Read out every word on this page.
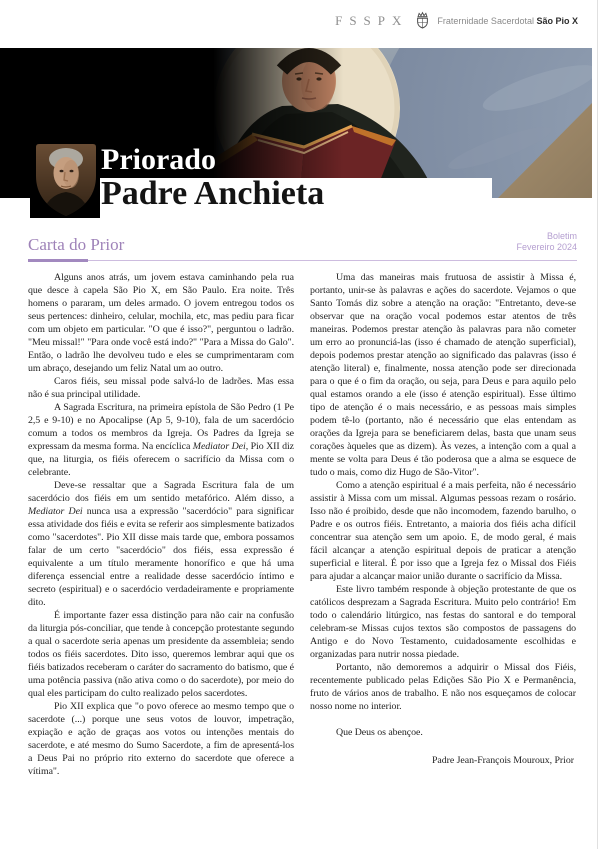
FSSPX	Fraternidade Sacerdotal São Pio X
Priorado
Padre Anchieta
Carta do Prior	Boletim
Fevereiro 2024

Alguns anos atrás, um jovem estava caminhando pela rua que desce à capela São Pio X, em São Paulo. Era noite. Três homens o pararam, um deles armado. O jovem entregou todos os seus pertences: dinheiro, celular, mochila, etc, mas pediu para ficar com um objeto em particular. "O que é isso?", perguntou o ladrão. "Meu missal!" "Para onde você está indo?" "Para a Missa do Galo". Então, o ladrão lhe devolveu tudo e eles se cumprimentaram com um abraço, desejando um feliz Natal um ao outro.

Caros fiéis, seu missal pode salvá-lo de ladrões. Mas essa não é sua principal utilidade.

A Sagrada Escritura, na primeira epístola de São Pedro (1 Pe 2,5 e 9-10) e no Apocalipse (Ap 5, 9-10), fala de um sacerdócio comum a todos os membros da Igreja. Os Padres da Igreja se expressam da mesma forma. Na encíclica Mediator Dei, Pio XII diz que, na liturgia, os fiéis oferecem o sacrifício da Missa com o celebrante.

Deve-se ressaltar que a Sagrada Escritura fala de um sacerdócio dos fiéis em um sentido metafórico. Além disso, a Mediator Dei nunca usa a expressão "sacerdócio" para significar essa atividade dos fiéis e evita se referir aos simplesmente batizados como "sacerdotes". Pio XII disse mais tarde que, embora possamos falar de um certo "sacerdócio" dos fiéis, essa expressão é equivalente a um título meramente honorífico e que há uma diferença essencial entre a realidade desse sacerdócio íntimo e secreto (espiritual) e o sacerdócio verdadeiramente e propriamente dito.

É importante fazer essa distinção para não cair na confusão da liturgia pós-conciliar, que tende à concepção protestante segundo a qual o sacerdote seria apenas um presidente da assembleia; sendo todos os fiéis sacerdotes. Dito isso, queremos lembrar aqui que os fiéis batizados receberam o caráter do sacramento do batismo, que é uma potência passiva (não ativa como o do sacerdote), por meio do qual eles participam do culto realizado pelos sacerdotes.

Pio XII explica que "o povo oferece ao mesmo tempo que o sacerdote (...) porque une seus votos de louvor, impetração, expiação e ação de graças aos votos ou intenções mentais do sacerdote, e até mesmo do Sumo Sacerdote, a fim de apresentá-los a Deus Pai no próprio rito externo do sacerdote que oferece a vítima".

Uma das maneiras mais frutuosa de assistir à Missa é, portanto, unir-se às palavras e ações do sacerdote. Vejamos o que Santo Tomás diz sobre a atenção na oração: "Entretanto, deve-se observar que na oração vocal podemos estar atentos de três maneiras. Podemos prestar atenção às palavras para não cometer um erro ao pronunciá-las (isso é chamado de atenção superficial), depois podemos prestar atenção ao significado das palavras (isso é atenção literal) e, finalmente, nossa atenção pode ser direcionada para o que é o fim da oração, ou seja, para Deus e para aquilo pelo qual estamos orando a ele (isso é atenção espiritual). Esse último tipo de atenção é o mais necessário, e as pessoas mais simples podem tê-lo (portanto, não é necessário que elas entendam as orações da Igreja para se beneficiarem delas, basta que unam seus corações àqueles que as dizem). Às vezes, a intenção com a qual a mente se volta para Deus é tão poderosa que a alma se esquece de tudo o mais, como diz Hugo de São-Vitor".

Como a atenção espiritual é a mais perfeita, não é necessário assistir à Missa com um missal. Algumas pessoas rezam o rosário. Isso não é proibido, desde que não incomodem, fazendo barulho, o Padre e os outros fiéis. Entretanto, a maioria dos fiéis acha difícil concentrar sua atenção sem um apoio. E, de modo geral, é mais fácil alcançar a atenção espiritual depois de praticar a atenção superficial e literal. É por isso que a Igreja fez o Missal dos Fiéis para ajudar a alcançar maior união durante o sacrifício da Missa.

Este livro também responde à objeção protestante de que os católicos desprezam a Sagrada Escritura. Muito pelo contrário! Em todo o calendário litúrgico, nas festas do santoral e do temporal celebram-se Missas cujos textos são compostos de passagens do Antigo e do Novo Testamento, cuidadosamente escolhidas e organizadas para nutrir nossa piedade.

Portanto, não demoremos a adquirir o Missal dos Fiéis, recentemente publicado pelas Edições São Pio X e Permanência, fruto de vários anos de trabalho. E não nos esqueçamos de colocar nosso nome no interior.

Que Deus os abençoe.

Padre Jean-François Mouroux, Prior
